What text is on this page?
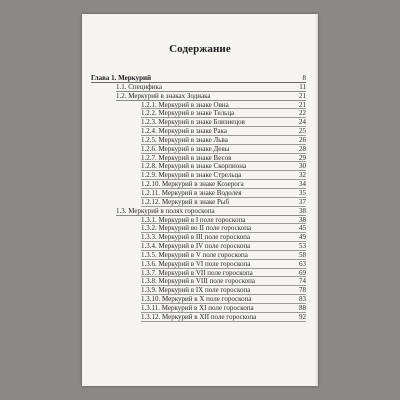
Содержание
Глава 1. Меркурий	8
1.1. Специфика	11
1.2. Меркурий в знаках Зодиака	21
1.2.1. Меркурий в знаке Овна	21
1.2.2. Меркурий в знаке Тельца	22
1.2.3. Меркурий в знаке Близнецов	24
1.2.4. Меркурий в знаке Рака	25
1.2.5. Меркурий в знаке Льва	26
1.2.6. Меркурий в знаке Девы	28
1.2.7. Меркурий в знаке Весов	29
1.2.8. Меркурий в знаке Скорпиона	30
1.2.9. Меркурий в знаке Стрельца	32
1.2.10. Меркурий в знаке Козерога	34
1.2.11. Меркурий в знаке Водолея	35
1.2.12. Меркурий в знаке Рыб	37
1.3. Меркурий в полях гороскопа	38
1.3.1. Меркурий в I поле гороскопа	38
1.3.2. Меркурий во II поле гороскопа	45
1.3.3. Меркурий в III поле гороскопа	49
1.3.4. Меркурий в IV поле гороскопа	53
1.3.5. Меркурий в V поле гороскопа	58
1.3.6. Меркурий в VI поле гороскопа	63
1.3.7. Меркурий в VII поле гороскопа	69
1.3.8. Меркурий в VIII поле гороскопа	74
1.3.9. Меркурий в IX поле гороскопа	78
1.3.10. Меркурий в X поле гороскопа	83
1.3.11. Меркурий в XI поле гороскопа	88
1.3.12. Меркурий в XII поле гороскопа	92
